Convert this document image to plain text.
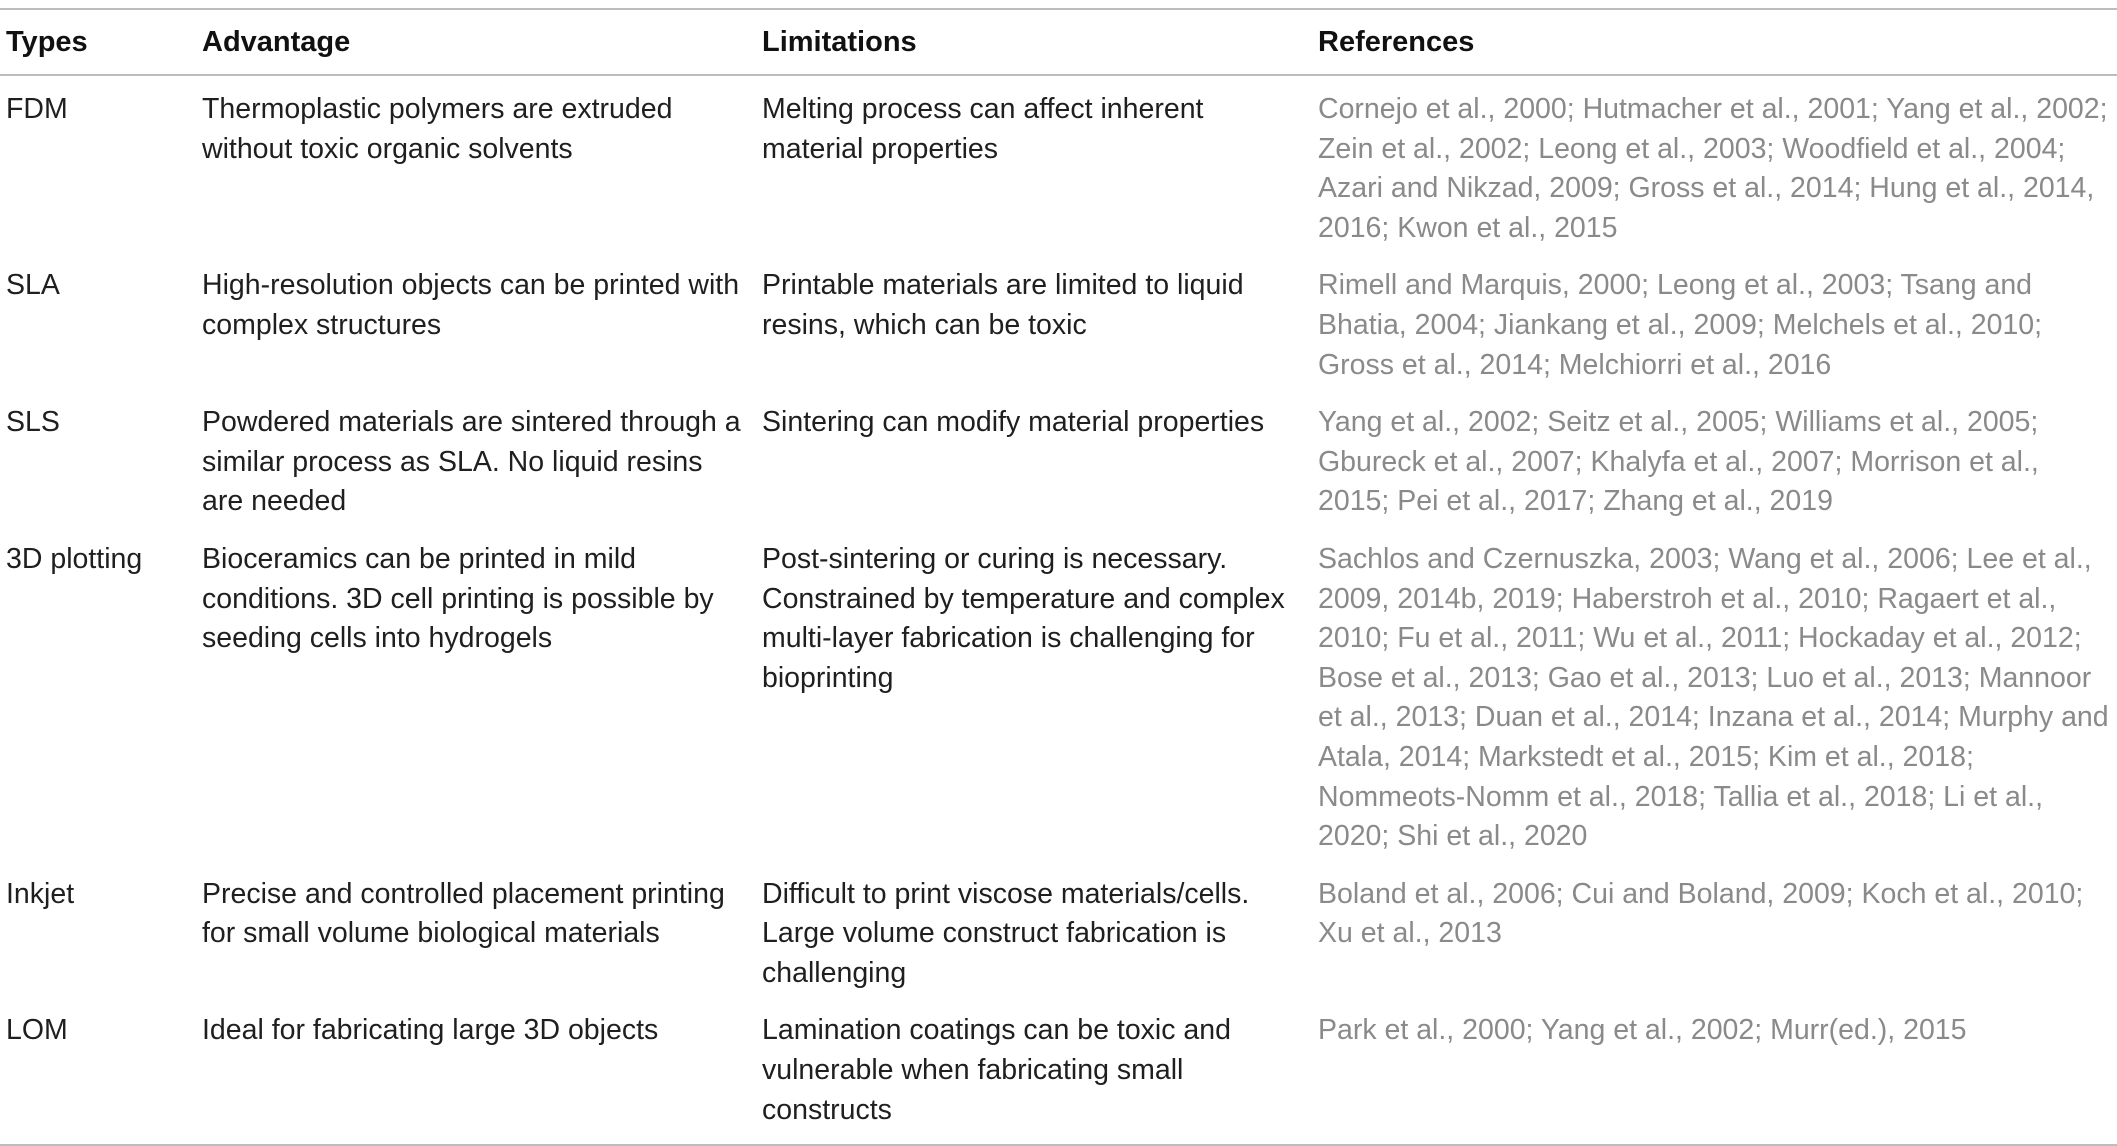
Types	Advantage	Limitations	References
FDM	Thermoplastic polymers are extruded without toxic organic solvents	Melting process can affect inherent material properties	Cornejo et al., 2000; Hutmacher et al., 2001; Yang et al., 2002; Zein et al., 2002; Leong et al., 2003; Woodfield et al., 2004; Azari and Nikzad, 2009; Gross et al., 2014; Hung et al., 2014, 2016; Kwon et al., 2015
SLA	High-resolution objects can be printed with complex structures	Printable materials are limited to liquid resins, which can be toxic	Rimell and Marquis, 2000; Leong et al., 2003; Tsang and Bhatia, 2004; Jiankang et al., 2009; Melchels et al., 2010; Gross et al., 2014; Melchiorri et al., 2016
SLS	Powdered materials are sintered through a similar process as SLA. No liquid resins are needed	Sintering can modify material properties	Yang et al., 2002; Seitz et al., 2005; Williams et al., 2005; Gbureck et al., 2007; Khalyfa et al., 2007; Morrison et al., 2015; Pei et al., 2017; Zhang et al., 2019
3D plotting	Bioceramics can be printed in mild conditions. 3D cell printing is possible by seeding cells into hydrogels	Post-sintering or curing is necessary. Constrained by temperature and complex multi-layer fabrication is challenging for bioprinting	Sachlos and Czernuszka, 2003; Wang et al., 2006; Lee et al., 2009, 2014b, 2019; Haberstroh et al., 2010; Ragaert et al., 2010; Fu et al., 2011; Wu et al., 2011; Hockaday et al., 2012; Bose et al., 2013; Gao et al., 2013; Luo et al., 2013; Mannoor et al., 2013; Duan et al., 2014; Inzana et al., 2014; Murphy and Atala, 2014; Markstedt et al., 2015; Kim et al., 2018; Nommeots-Nomm et al., 2018; Tallia et al., 2018; Li et al., 2020; Shi et al., 2020
Inkjet	Precise and controlled placement printing for small volume biological materials	Difficult to print viscose materials/cells. Large volume construct fabrication is challenging	Boland et al., 2006; Cui and Boland, 2009; Koch et al., 2010; Xu et al., 2013
LOM	Ideal for fabricating large 3D objects	Lamination coatings can be toxic and vulnerable when fabricating small constructs	Park et al., 2000; Yang et al., 2002; Murr(ed.), 2015
